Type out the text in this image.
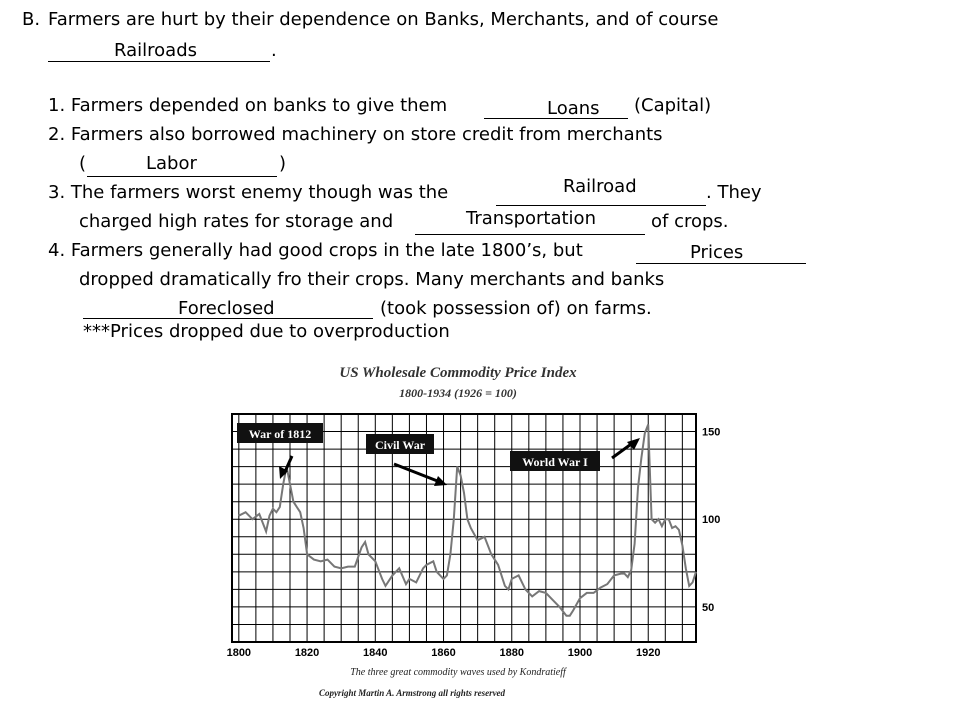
B. Farmers are hurt by their dependence on Banks, Merchants, and of course
Railroads	.
1. Farmers depended on banks to give them	Loans (Capital)
2. Farmers also borrowed machinery on store credit from merchants
(	Labor	)
3. The farmers worst enemy though was the	Railroad	. They
charged high rates for storage and	Transportation	of crops.
4. Farmers generally had good crops in the late 1800’s, but	Prices
dropped dramatically fro their crops. Many merchants and banks
Foreclosed	(took possession of) on farms.
***Prices dropped due to overproduction
US Wholesale Commodity Price Index
1800-1934 (1926 = 100)
1800	1820	1840	1860	1880	1900	1920
150
100
50
War of 1812
Civil War
World War I
The three great commodity waves used by Kondratieff
Copyright Martin A. Armstrong all rights reserved
